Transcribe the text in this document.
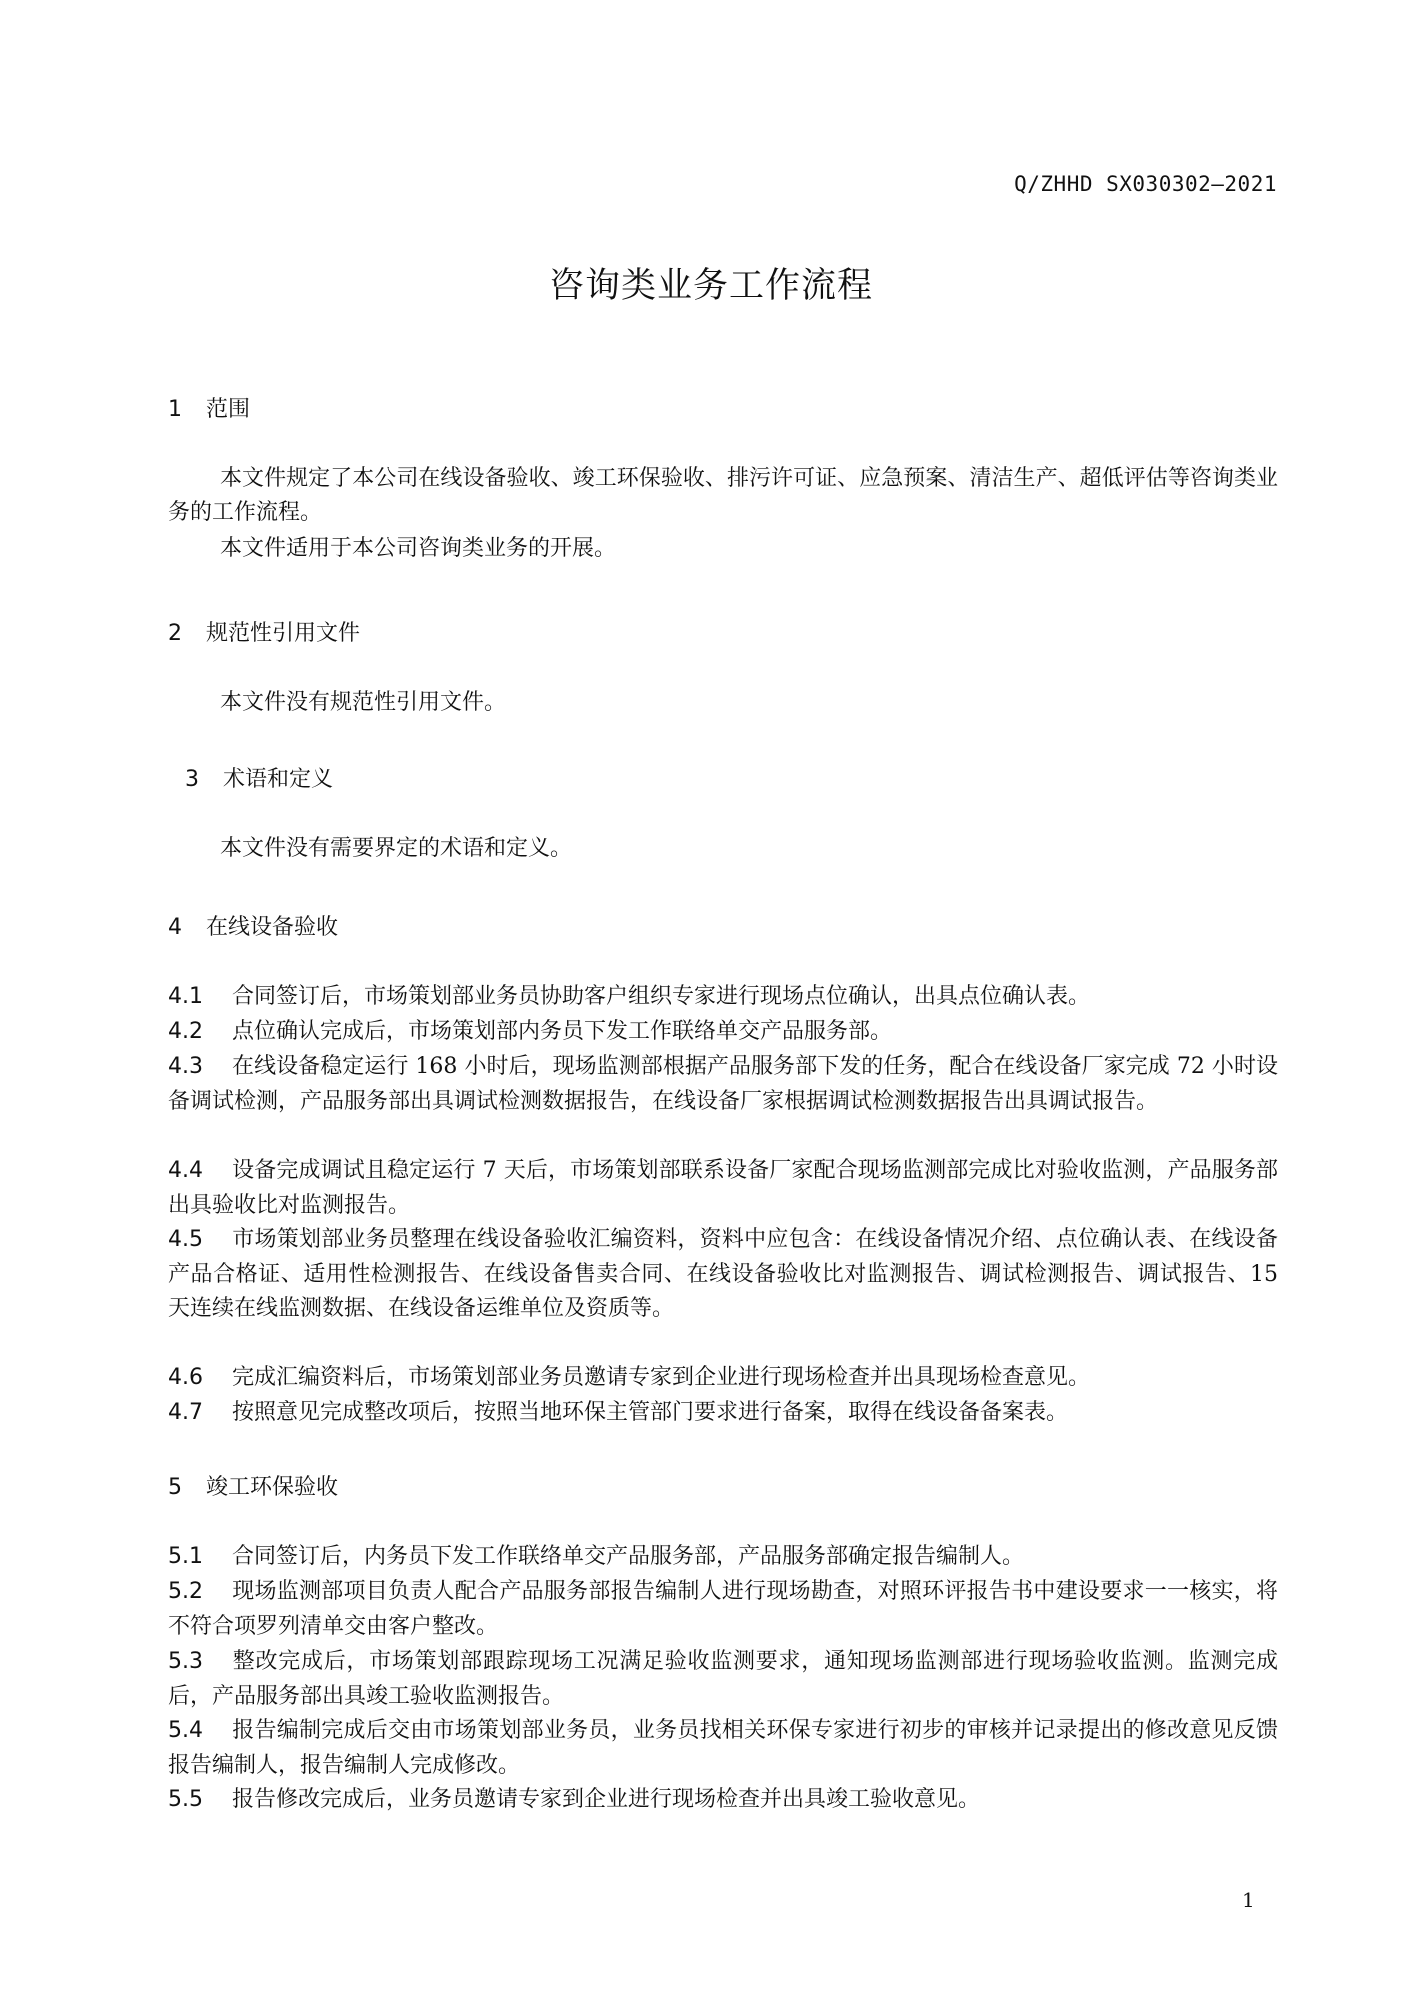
Q/ZHHD SX030302—2021
咨询类业务工作流程
1 范围
本文件规定了本公司在线设备验收、竣工环保验收、排污许可证、应急预案、清洁生产、超低评估等咨询类业务的工作流程。
本文件适用于本公司咨询类业务的开展。
2 规范性引用文件
本文件没有规范性引用文件。
3 术语和定义
本文件没有需要界定的术语和定义。
4 在线设备验收
4.1 合同签订后，市场策划部业务员协助客户组织专家进行现场点位确认，出具点位确认表。
4.2 点位确认完成后，市场策划部内务员下发工作联络单交产品服务部。
4.3 在线设备稳定运行 168 小时后，现场监测部根据产品服务部下发的任务，配合在线设备厂家完成 72 小时设备调试检测，产品服务部出具调试检测数据报告，在线设备厂家根据调试检测数据报告出具调试报告。
4.4 设备完成调试且稳定运行 7 天后，市场策划部联系设备厂家配合现场监测部完成比对验收监测，产品服务部出具验收比对监测报告。
4.5 市场策划部业务员整理在线设备验收汇编资料，资料中应包含：在线设备情况介绍、点位确认表、在线设备产品合格证、适用性检测报告、在线设备售卖合同、在线设备验收比对监测报告、调试检测报告、调试报告、15 天连续在线监测数据、在线设备运维单位及资质等。
4.6 完成汇编资料后，市场策划部业务员邀请专家到企业进行现场检查并出具现场检查意见。
4.7 按照意见完成整改项后，按照当地环保主管部门要求进行备案，取得在线设备备案表。
5 竣工环保验收
5.1 合同签订后，内务员下发工作联络单交产品服务部，产品服务部确定报告编制人。
5.2 现场监测部项目负责人配合产品服务部报告编制人进行现场勘查，对照环评报告书中建设要求一一核实，将不符合项罗列清单交由客户整改。
5.3 整改完成后，市场策划部跟踪现场工况满足验收监测要求，通知现场监测部进行现场验收监测。监测完成后，产品服务部出具竣工验收监测报告。
5.4 报告编制完成后交由市场策划部业务员，业务员找相关环保专家进行初步的审核并记录提出的修改意见反馈报告编制人，报告编制人完成修改。
5.5 报告修改完成后，业务员邀请专家到企业进行现场检查并出具竣工验收意见。
1
